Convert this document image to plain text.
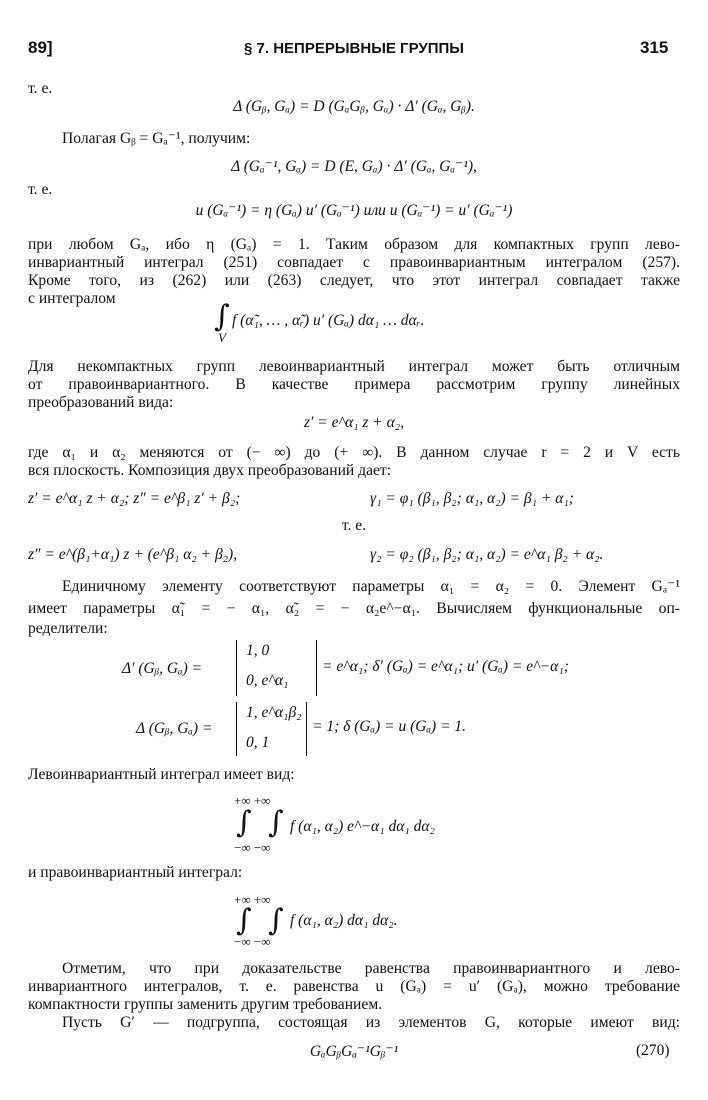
89]	§ 7. НЕПРЕРЫВНЫЕ ГРУППЫ	315
т. е.
Δ (Gᵦ, Gₐ) = D (GₐGᵦ, Gₐ) · Δ′ (Gₐ, Gᵦ).
Полагая Gᵦ = Gₐ⁻¹, получим:
Δ (Gₐ⁻¹, Gₐ) = D (E, Gₐ) · Δ′ (Gₐ, Gₐ⁻¹),
т. е.
u (Gₐ⁻¹) = η (Gₐ) u′ (Gₐ⁻¹) или u (Gₐ⁻¹) = u′ (Gₐ⁻¹)
при любом Gₐ, ибо η (Gₐ) = 1. Таким образом для компактных групп лево-
инвариантный интеграл (251) совпадает с правоинвариантным интегралом (257).
Кроме того, из (262) или (263) следует, что этот интеграл совпадает также
с интегралом
∫ f (α̃₁, … , α̃ᵣ) u′ (Gₐ) dα₁ … dαᵣ.
V
Для некомпактных групп левоинвариантный интеграл может быть отличным
от правоинвариантного. В качестве примера рассмотрим группу линейных
преобразований вида:
z′ = e^α₁ z + α₂,
где α₁ и α₂ меняются от (− ∞) до (+ ∞). В данном случае r = 2 и V есть
вся плоскость. Композиция двух преобразований дает:
z′ = e^α₁ z + α₂; z″ = e^β₁ z′ + β₂;	γ₁ = φ₁ (β₁, β₂; α₁, α₂) = β₁ + α₁;
т. е.
z″ = e^(β₁+α₁) z + (e^β₁ α₂ + β₂),	γ₂ = φ₂ (β₁, β₂; α₁, α₂) = e^α₁ β₂ + α₂.
Единичному элементу соответствуют параметры α₁ = α₂ = 0. Элемент Gₐ⁻¹
имеет параметры α̃₁ = − α₁, α̃₂ = − α₂e^−α₁. Вычисляем функциональные оп-
ределители:
Δ′ (Gᵦ, Gₐ) =
1, 0
0, e^α₁
= e^α₁; δ′ (Gₐ) = e^α₁; u′ (Gₐ) = e^−α₁;
Δ (Gᵦ, Gₐ) =
1, e^α₁β₂
0, 1
= 1; δ (Gₐ) = u (Gₐ) = 1.
Левоинвариантный интеграл имеет вид:
+∞ +∞
∫ ∫
−∞ −∞
f (α₁, α₂) e^−α₁ dα₁ dα₂
и правоинвариантный интеграл:
+∞ +∞
∫ ∫
−∞ −∞
f (α₁, α₂) dα₁ dα₂.
Отметим, что при доказательстве равенства правоинвариантного и лево-
инвариантного интегралов, т. е. равенства u (Gₐ) = u′ (Gₐ), можно требование
компактности группы заменить другим требованием.
Пусть G′ — подгруппа, состоящая из элементов G, которые имеют вид:
GₐGᵦGₐ⁻¹Gᵦ⁻¹	(270)
